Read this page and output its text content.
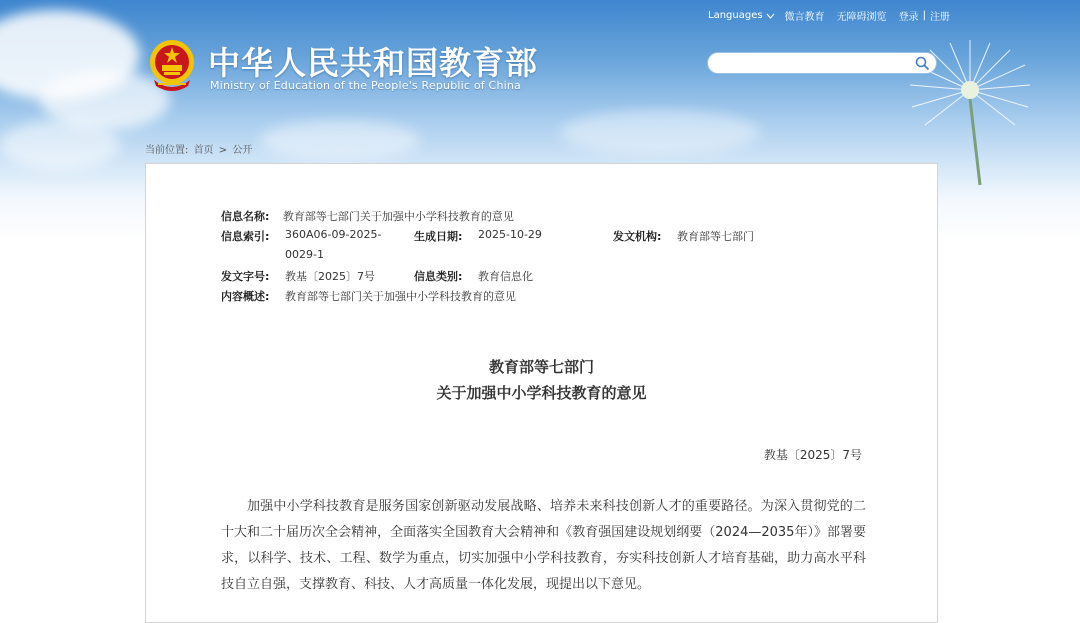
Languages 微言教育 无障碍浏览 登录 | 注册
中华人民共和国教育部
Ministry of Education of the People's Republic of China
当前位置: 首页 > 公开
信息名称: 教育部等七部门关于加强中小学科技教育的意见
信息索引: 360A06-09-2025-
0029-1
生成日期: 2025-10-29	发文机构: 教育部等七部门
发文字号: 教基〔2025〕7号	信息类别: 教育信息化
内容概述: 教育部等七部门关于加强中小学科技教育的意见
教育部等七部门
关于加强中小学科技教育的意见
教基〔2025〕7号

加强中小学科技教育是服务国家创新驱动发展战略、培养未来科技创新人才的重要路径。为深入贯彻党的二十大和二十届历次全会精神，全面落实全国教育大会精神和《教育强国建设规划纲要（2024—2035年）》部署要求，以科学、技术、工程、数学为重点，切实加强中小学科技教育，夯实科技创新人才培育基础，助力高水平科技自立自强，支撑教育、科技、人才高质量一体化发展，现提出以下意见。
